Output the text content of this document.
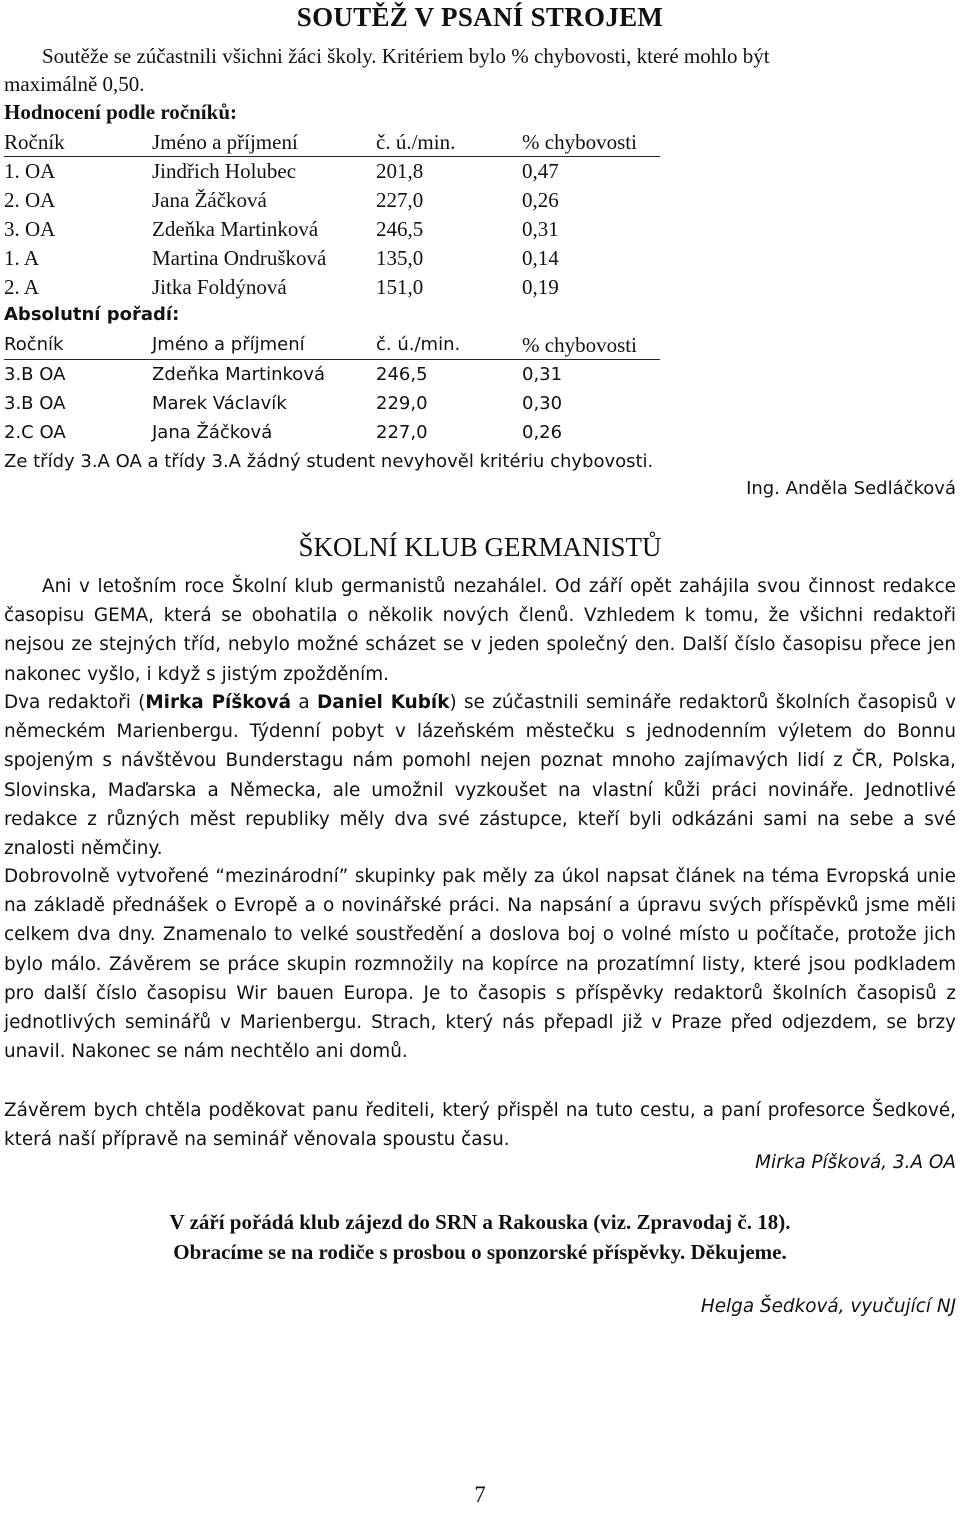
SOUTĚŽ V PSANÍ STROJEM
Soutěže se zúčastnili všichni žáci školy. Kritériem bylo % chybovosti, které mohlo být
maximálně 0,50.
Hodnocení podle ročníků:
Ročník	Jméno a příjmení	č. ú./min.	% chybovosti
1. OA	Jindřich Holubec	201,8	0,47
2. OA	Jana Žáčková	227,0	0,26
3. OA	Zdeňka Martinková	246,5	0,31
1. A	Martina Ondrušková 135,0	0,14
2. A	Jitka Foldýnová	151,0	0,19
Absolutní pořadí:
Ročník	Jméno a příjmení	č. ú./min.	% chybovosti
3.B OA	Zdeňka Martinková	246,5	0,31
3.B OA	Marek Václavík	229,0	0,30
2.C OA	Jana Žáčková	227,0	0,26
Ze třídy 3.A OA a třídy 3.A žádný student nevyhověl kritériu chybovosti.
Ing. Anděla Sedláčková
ŠKOLNÍ KLUB GERMANISTŮ
Ani v letošním roce Školní klub germanistů nezahálel. Od září opět zahájila svou činnost redakce časopisu GEMA, která se obohatila o několik nových členů. Vzhledem k tomu, že všichni redaktoři nejsou ze stejných tříd, nebylo možné scházet se v jeden společný den. Další číslo časopisu přece jen nakonec vyšlo, i když s jistým zpožděním.
Dva redaktoři (Mirka Píšková a Daniel Kubík) se zúčastnili semináře redaktorů školních časopisů v německém Marienbergu. Týdenní pobyt v lázeňském městečku s jednodenním výletem do Bonnu spojeným s návštěvou Bunderstagu nám pomohl nejen poznat mnoho zajímavých lidí z ČR, Polska, Slovinska, Maďarska a Německa, ale umožnil vyzkoušet na vlastní kůži práci novináře. Jednotlivé redakce z různých měst republiky měly dva své zástupce, kteří byli odkázáni sami na sebe a své znalosti němčiny.
Dobrovolně vytvořené “mezinárodní” skupinky pak měly za úkol napsat článek na téma Evropská unie na základě přednášek o Evropě a o novinářské práci. Na napsání a úpravu svých příspěvků jsme měli celkem dva dny. Znamenalo to velké soustředění a doslova boj o volné místo u počítače, protože jich bylo málo. Závěrem se práce skupin rozmnožily na kopírce na prozatímní listy, které jsou podkladem pro další číslo časopisu Wir bauen Europa. Je to časopis s příspěvky redaktorů školních časopisů z jednotlivých seminářů v Marienbergu. Strach, který nás přepadl již v Praze před odjezdem, se brzy unavil. Nakonec se nám nechtělo ani domů.
Závěrem bych chtěla poděkovat panu řediteli, který přispěl na tuto cestu, a paní profesorce Šedkové, která naší přípravě na seminář věnovala spoustu času.
Mirka Píšková, 3.A OA
V září pořádá klub zájezd do SRN a Rakouska (viz. Zpravodaj č. 18).
Obracíme se na rodiče s prosbou o sponzorské příspěvky. Děkujeme.
Helga Šedková, vyučující NJ
7
